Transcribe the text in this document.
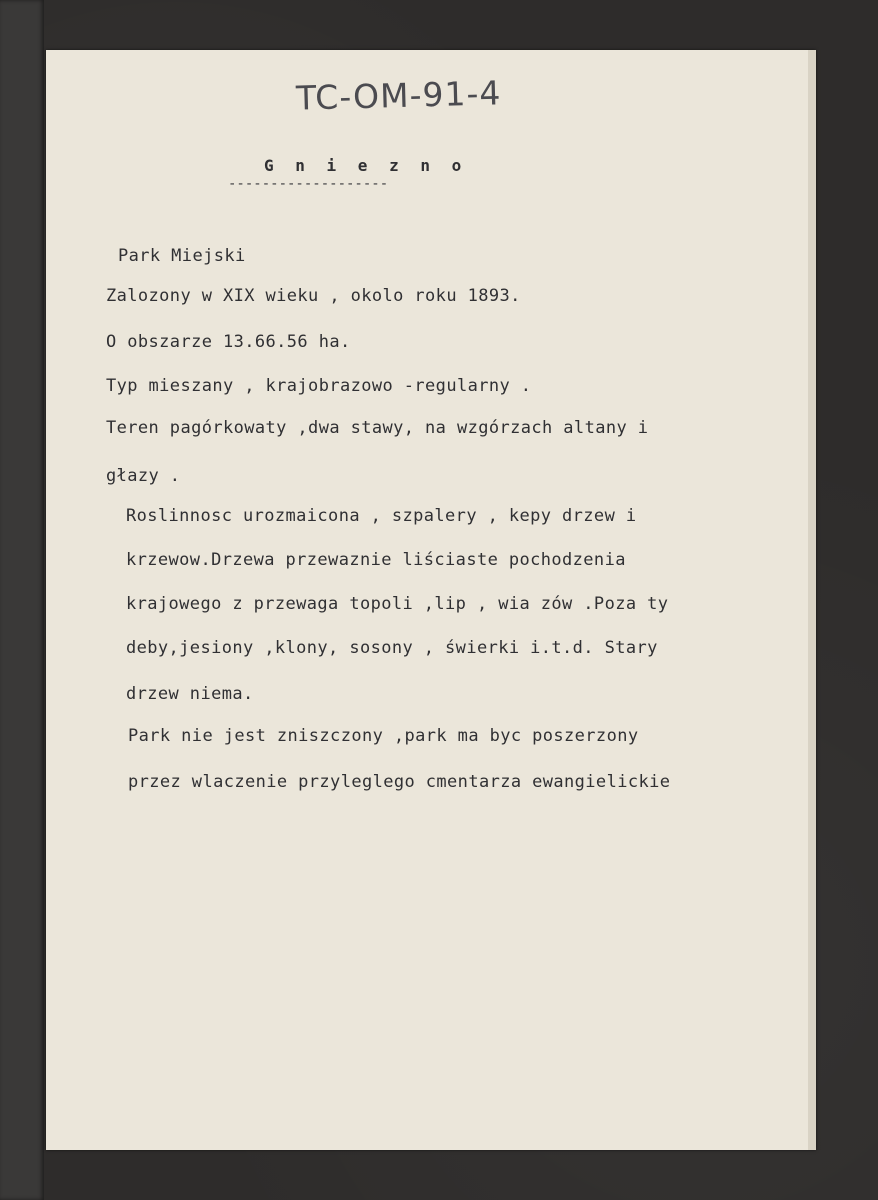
TC-OM-91-4
G n i e z n o
-------------------
Park Miejski
Zalozony w XIX wieku , okolo roku 1893.
O obszarze 13.66.56 ha.
Typ mieszany , krajobrazowo -regularny .
Teren pagórkowaty ,dwa stawy, na wzgórzach altany i
głazy .
Roslinnosc urozmaicona , szpalery , kepy drzew i
krzewow.Drzewa przewaznie liściaste pochodzenia
krajowego z przewaga topoli ,lip , wia zów .Poza ty
deby,jesiony ,klony, sosony , świerki i.t.d. Stary
drzew niema.
Park nie jest zniszczony ,park ma byc poszerzony
przez wlaczenie przyleglego cmentarza ewangielickie
